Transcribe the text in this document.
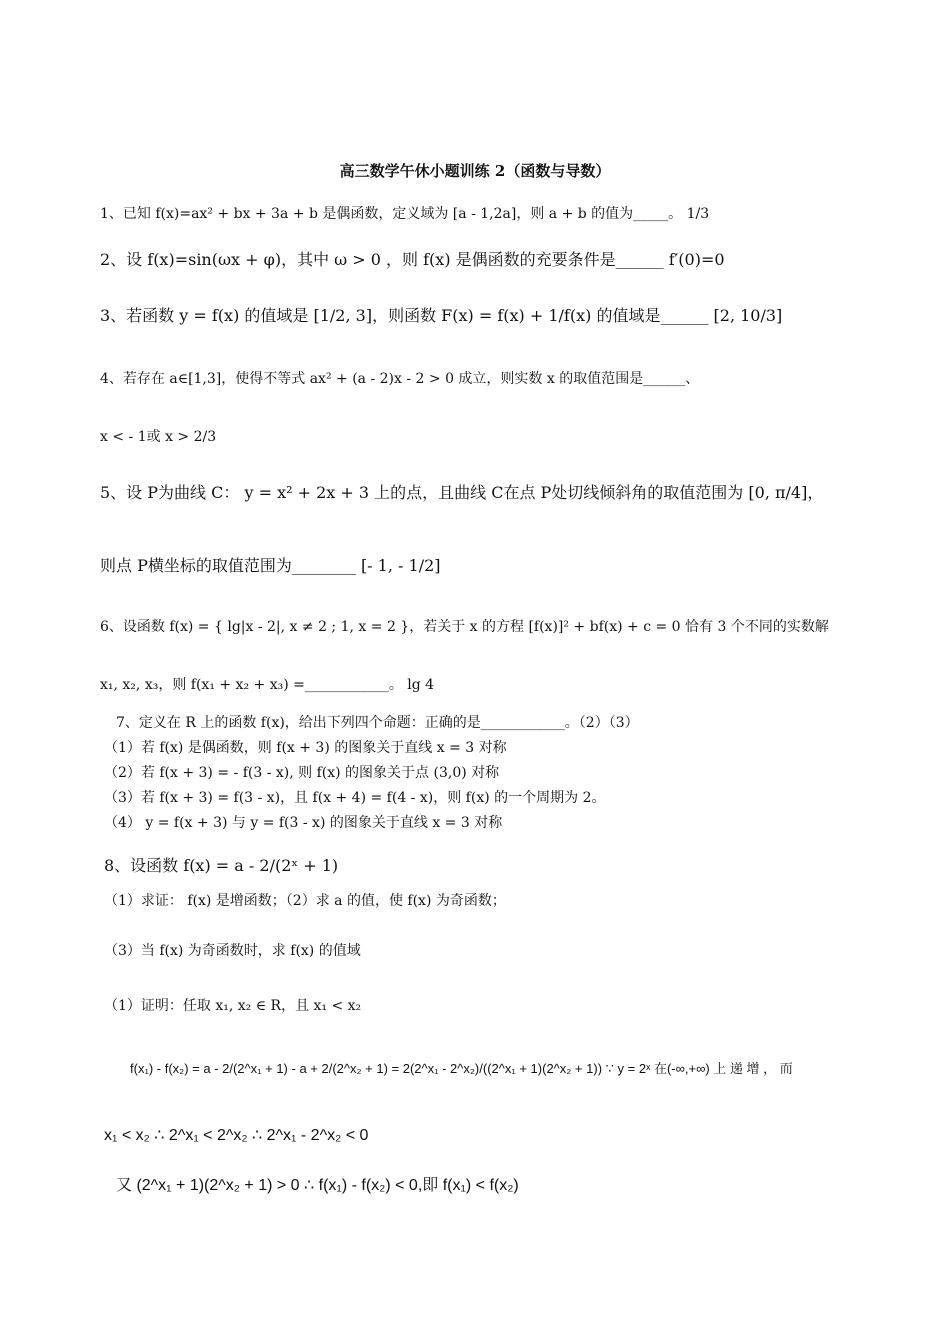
高三数学午休小题训练 2（函数与导数）
1、已知 f(x)=ax² + bx + 3a + b 是偶函数，定义域为 [a - 1,2a]，则 a + b 的值为_____。 1/3
2、设 f(x)=sin(ωx + φ)，其中 ω > 0 ，则 f(x) 是偶函数的充要条件是______ f′(0)=0
3、若函数 y = f(x) 的值域是 [1/2, 3]，则函数 F(x) = f(x) + 1/f(x) 的值域是______ [2, 10/3]
4、若存在 a∈[1,3]，使得不等式 ax² + (a - 2)x - 2 > 0 成立，则实数 x 的取值范围是______、
x < - 1或 x > 2/3
5、设 P为曲线 C： y = x² + 2x + 3 上的点，且曲线 C在点 P处切线倾斜角的取值范围为 [0, π/4]，
则点 P横坐标的取值范围为________ [- 1, - 1/2]
6、设函数 f(x) = { lg|x - 2|, x ≠ 2 ; 1, x = 2 }，若关于 x 的方程 [f(x)]² + bf(x) + c = 0 恰有 3 个不同的实数解
x₁, x₂, x₃，则 f(x₁ + x₂ + x₃) =____________。 lg 4
7、定义在 R 上的函数 f(x)，给出下列四个命题：正确的是____________。（2）（3）
（1）若 f(x) 是偶函数，则 f(x + 3) 的图象关于直线 x = 3 对称
（2）若 f(x + 3) = - f(3 - x), 则 f(x) 的图象关于点 (3,0) 对称
（3）若 f(x + 3) = f(3 - x)，且 f(x + 4) = f(4 - x)，则 f(x) 的一个周期为 2。
（4） y = f(x + 3) 与 y = f(3 - x) 的图象关于直线 x = 3 对称
8、设函数 f(x) = a - 2/(2ˣ + 1)
（1）求证： f(x) 是增函数；（2）求 a 的值，使 f(x) 为奇函数；
（3）当 f(x) 为奇函数时，求 f(x) 的值域
（1）证明：任取 x₁, x₂ ∈ R，且 x₁ < x₂
f(x₁) - f(x₂) = a - 2/(2^x₁ + 1) - a + 2/(2^x₂ + 1) = 2(2^x₁ - 2^x₂)/((2^x₁ + 1)(2^x₂ + 1)) ∵ y = 2ˣ 在(-∞,+∞) 上 递 增 ， 而
x₁ < x₂ ∴ 2^x₁ < 2^x₂ ∴ 2^x₁ - 2^x₂ < 0
又 (2^x₁ + 1)(2^x₂ + 1) > 0 ∴ f(x₁) - f(x₂) < 0,即 f(x₁) < f(x₂)
